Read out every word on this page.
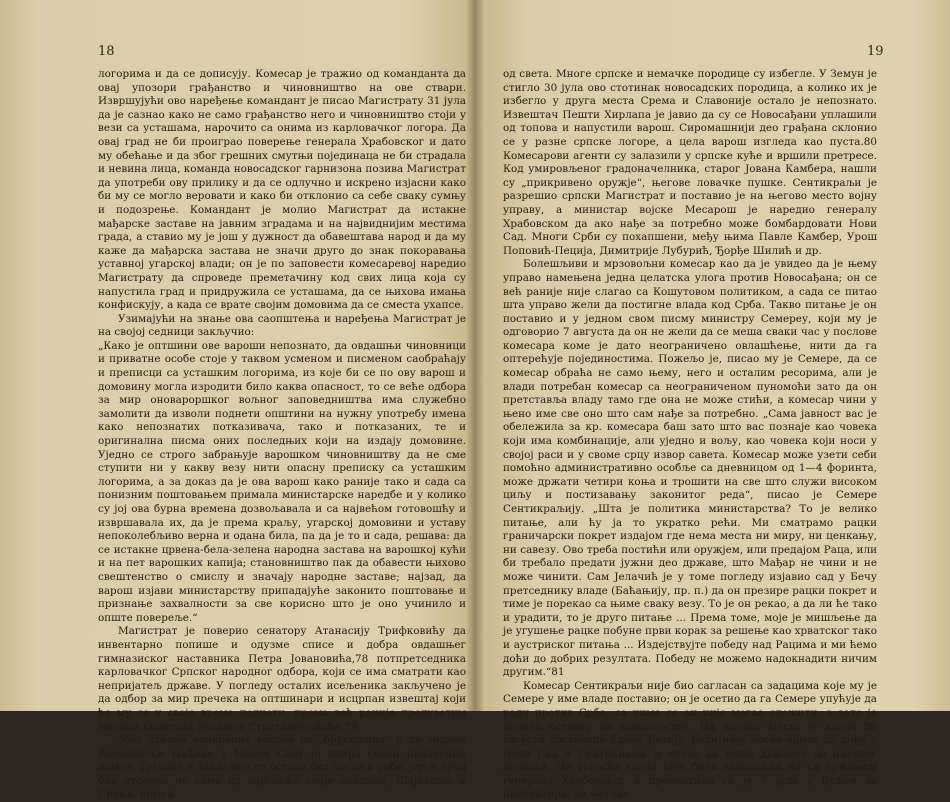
18

логорима и да се дописују. Комесар је тражио од команданта да овај упозори грађанство и чиновништво на ове ствари. Извршујући ово наређење командант је писао Магистрату 31 јула да је сазнао како не само грађанство него и чиновништво стоји у вези са усташама, нарочито са онима из карловачког логора. Да овај град не би проиграо поверење генерала Храбовског и дато му обећање и да због грешних смутњи појединаца не би страдала и невина лица, команда новосадског гарнизона позива Магистрат да употреби ову прилику и да се одлучно и искрено изјасни како би му се могло веровати и како би отклонио са себе сваку сумњу и подозрење. Командант је молио Магистрат да истакне мађарске заставе на јавним зградама и на највиднијим местима града, а ставио му је још у дужност да обавештава народ и да му каже да мађарска застава не значи друго до знак покоравања уставној угарској влади; он је по заповести комесаревој наредио Магистрату да спроведе преметачину код свих лица која су напустила град и придружила се усташама, да се њихова имања конфискују, а када се врате својим домовима да се сместа ухапсе.

Узимајући на знање ова саопштења и наређења Магистрат је на својој седници закључио:

„Како је оптшини ове вароши непознато, да овдашњи чиновници и приватне особе стоје у таквом усменом и писменом саобраћају и преписци са усташким логорима, из које би се по ову варош и домовину могла изродити било каква опасност, то се веће одбора за мир оновароршког вољног заповедништва има служебно замолити да изволи поднети општини на нужну употребу имена како непознатих потказивача, тако и потказаних, те и оригинална писма оних последњих који на издају домовине. Уједно се строго забрањује варошком чиновништву да не сме ступити ни у какву везу нити опасну преписку са усташким логорима, а за доказ да је ова варош како раније тако и сада са понизним поштовањем примала министарске наредбе и у колико су јој ова бурна времена дозвољавала и са највећом готовошћу и извршавала их, да је према краљу, угарској домовини и уставу непоколебљиво верна и одана била, па да је то и сада, решава: да се истакне црвена-бела-зелена народна застава на варошкој кући и на пет варошких капија; становништво пак да обавести њихово свештенство о смислу и значају народне заставе; најзад, да варош изјави министарству припадајуће законито поштовање и признање захвалности за све корисно што је оно учинило и опште повереље.“

Магистрат је поверио сенатору Атанасију Трифковићу да инвентарно попише и одузме списе и добра овдашњег гимназиског наставника Петра Јовановића,78 потпретседника карловачког Српског народног одбора, који се има сматрати као непријатељ државе. У погледу осталих исељеника закључено је да одбор за мир пречека на оптшинари и исцрпан извештај који ће му се у своје време поднети, према већ раније предузетим мерама капетана Радивоја Стратимировића.79

Због стално наперених топова са „брукшанца“ и са зидина Варадинске тврђаве у Новом Саду је замро сваки привредни живот. Трговци и занатлије су остали без посла и робе, јер је град био отсечен не само од најближе своје околине, Шајкашке и Срема, него и

19

од света. Многе српске и немачке породице су избегле. У Земун је стигло 30 јула ово стотинак новосадских породица, а колико их је избегло у друга места Срема и Славоније остало је непознато. Извештач Пешти Хирлапа је јавио да су се Новосађани уплашили од топова и напустили варош. Сиромашнији део грађана склонио се у разне српске логоре, а цела варош изгледа као пуста.80 Комесарови агенти су залазили у српске куће и вршили претресе. Код умировљеног градоначелника, старог Јована Камбера, нашли су „прикривено оружје“, његове ловачке пушке. Сентикраљи је разрешио српски Магистрат и поставио је на његово место војну управу, а министар војске Месарош је наредио генералу Храбовском да ако нађе за потребно може бомбардовати Нови Сад. Многи Срби су похапшени, међу њима Павле Камбер, Урош Поповић-Пеција, Димитрије Лубурић, Ђорђе Шилић и др.

Болешљиви и мрзовољни комесар као да је увидео да је њему управо намењена једна целатска улога против Новосађана; он се већ раније није слагао са Кошутовом политиком, а сада се питао шта управо жели да постигне влада код Срба. Такво питање је он поставио и у једном свом писму министру Семереу, који му је одговорио 7 августа да он не жели да се меша сваки час у послове комесара коме је дато неограничено овлашћење, нити да га оптерећује појединостима. Пожељо је, писао му је Семере, да се комесар обраћа не само њему, него и осталим ресорима, али је влади потребан комесар са неограниченом пуномоћи зато да он претставља владу тамо где она не може стићи, а комесар чини у њено име све оно што сам нађе за потребно. „Сама јавност вас је обележила за кр. комесара баш зато што вас познаје као човека који има комбинације, али уједно и вољу, као човека који носи у својој раси и у своме срцу извор савета. Комесар може узети себи помоћно административно особље са дневницом од 1—4 форинта, може држати четири коња и трошити на све што служи високом циљу и постизавању законитог реда“, писао је Семере Сентикраљију. „Шта је политика министарства? То је велико питање, али ћу ја то укратко рећи. Ми сматрамо рацки граничарски покрет издајом где нема места ни миру, ни ценкању, ни савезу. Ово треба постићи или оружјем, или предајом Раца, или би требало предати јужни део државе, што Мађар не чини и не може чинити. Сам Јелачић је у томе погледу изјавио сад у Бечу претседнику владе (Баћањију, пр. п.) да он презире рацки покрет и тиме је порекао са њиме сваку везу. То је он рекао, а да ли ће тако и урадити, то је друго питање ... Према томе, моје је мишљење да је угушење рацке побуне први корак за решење као хрватског тако и аустриског питања ... Издејствујте победу над Рацима и ми ћемо доћи до добрих резултата. Победу не можемо надокнадити ничим другим.“81

Комесар Сентикраљи није био сагласан са задацима које му је Семере у име владе поставио; он је осетио да га Семере упућује да ради против Срба, са чиме се он није могао сложити, а зато је поднео оставку на комесарству. На његово место је влада 26 августа поставила Едена Бетија. Бети није могао одмах да дође у Нови Сад и Сентикраљи је остао да врши дужност до његовог доласка. Но угарска влада није била задовољна ни са држањем генерала Храбовског и преместила га је 7 јула у Будим за инспектора; на његово
